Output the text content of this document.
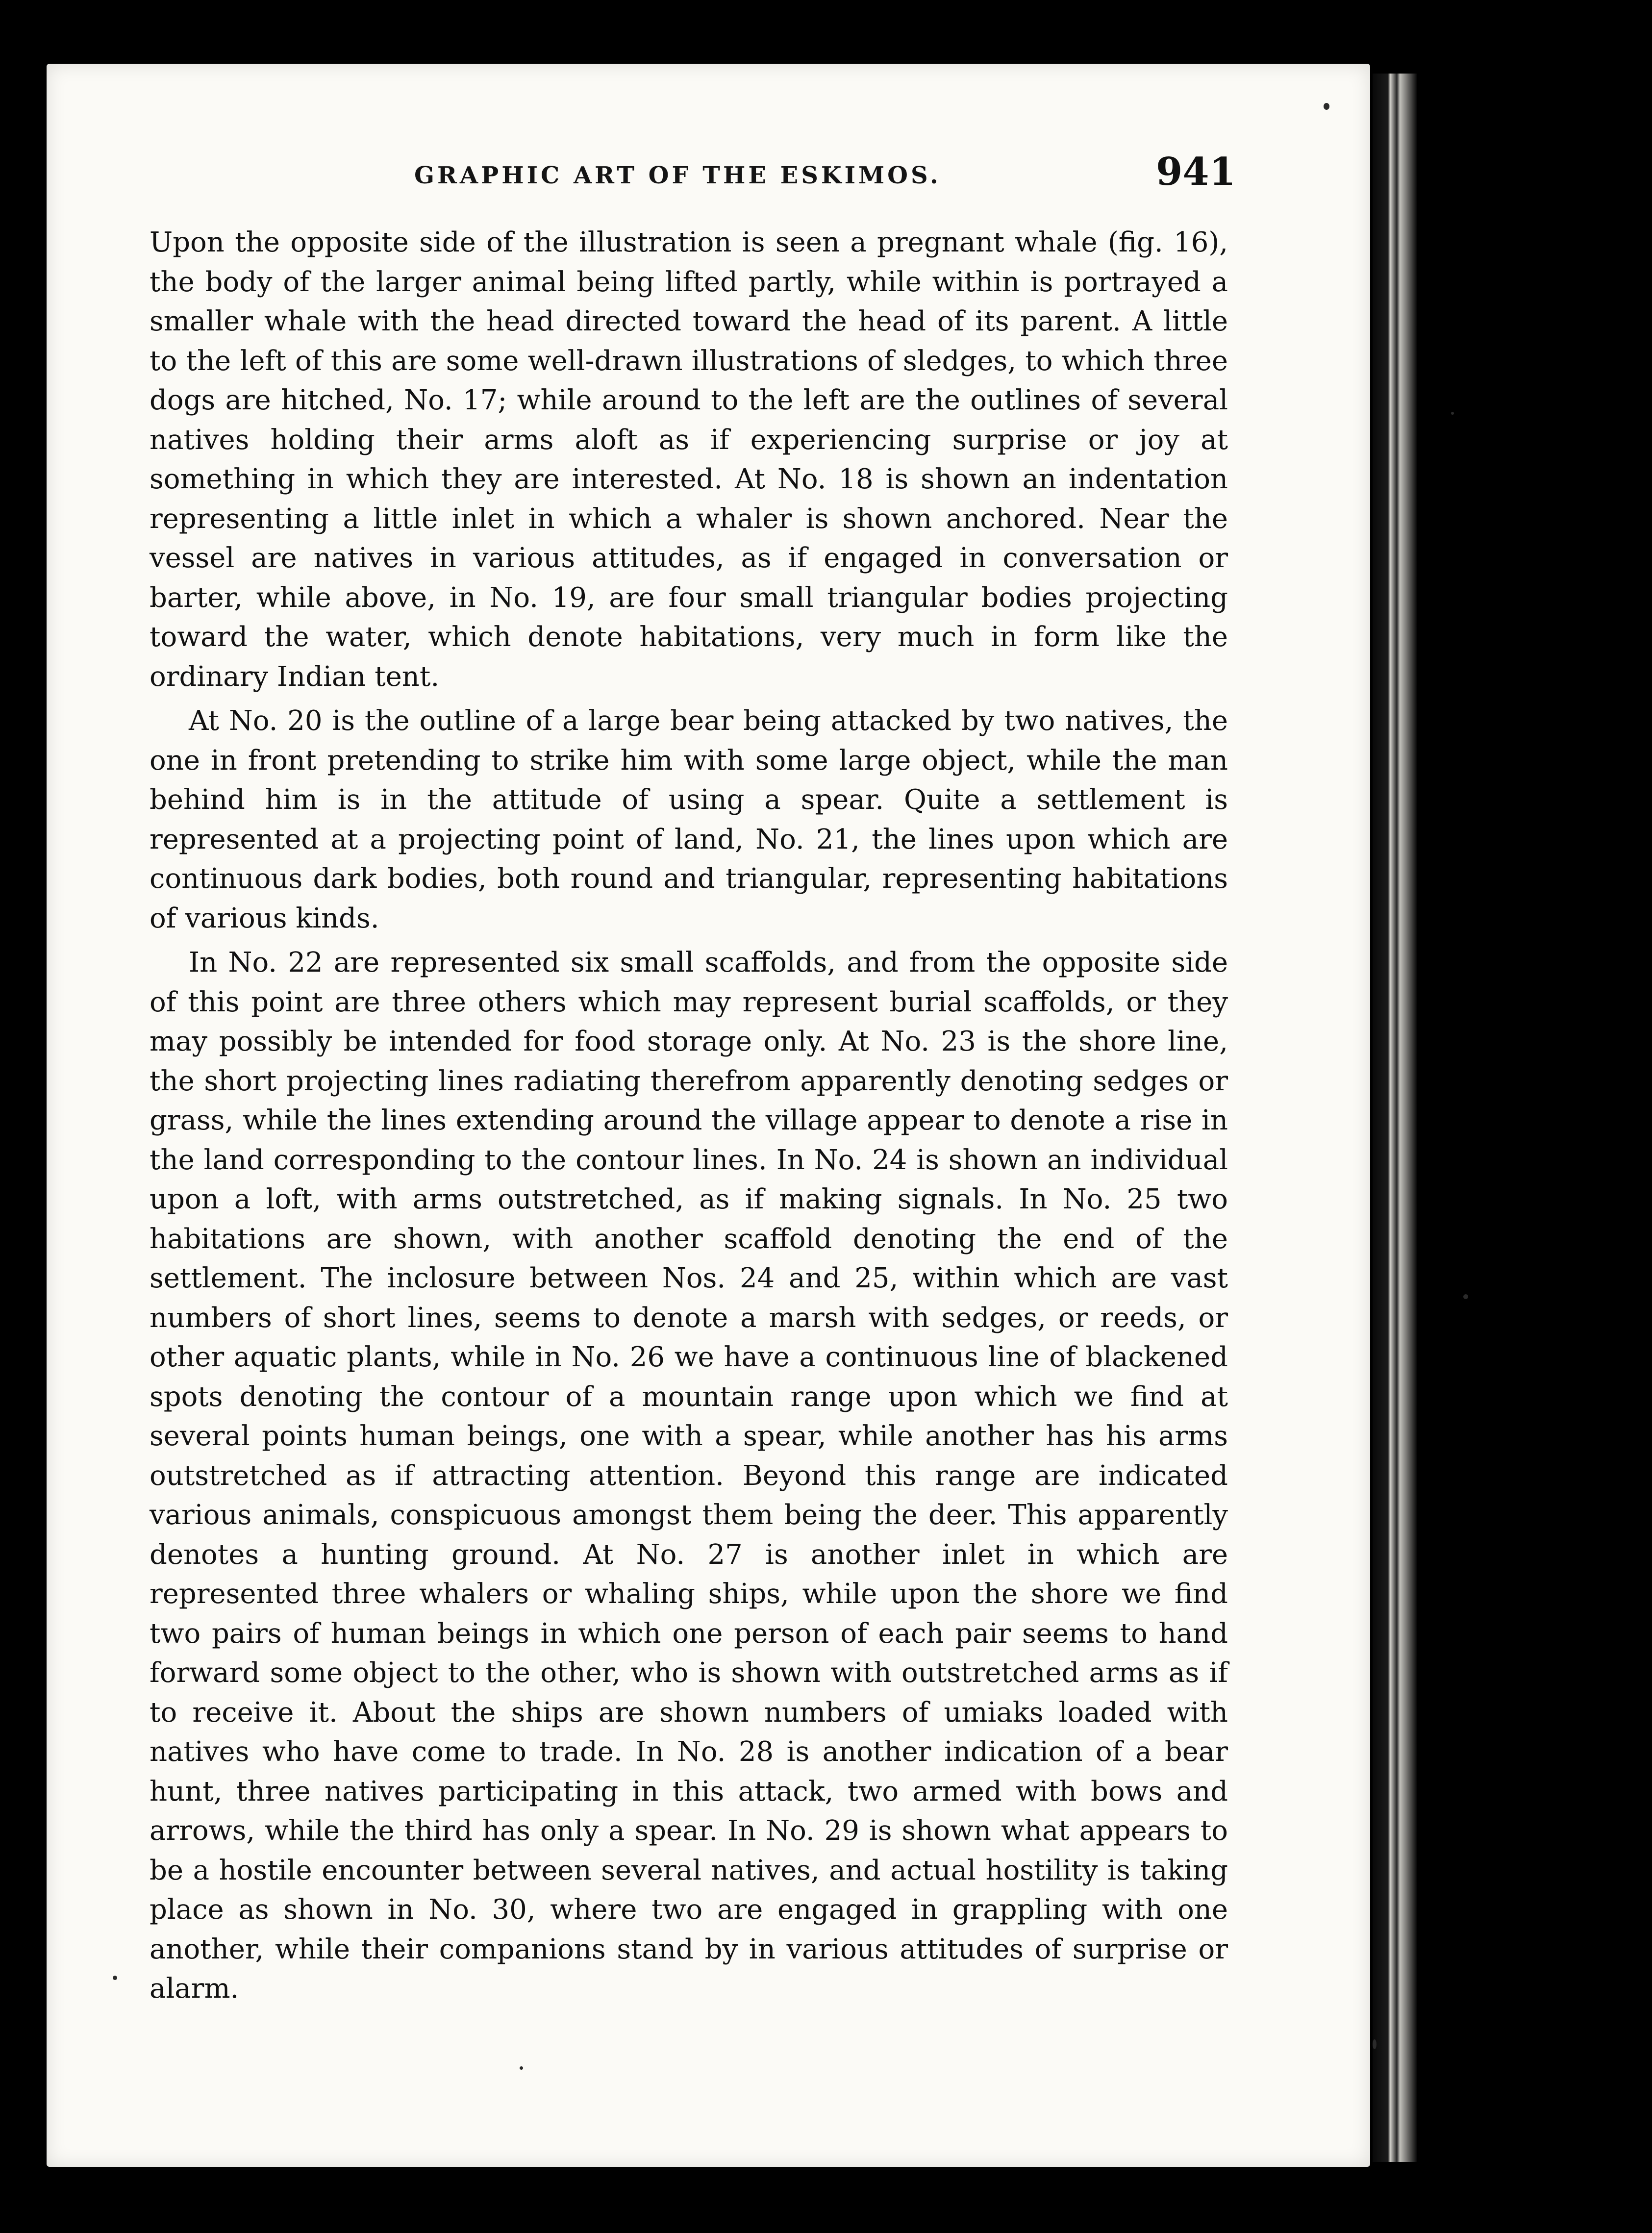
GRAPHIC ART OF THE ESKIMOS.	941

Upon the opposite side of the illustration is seen a pregnant whale (fig. 16), the body of the larger animal being lifted partly, while within is portrayed a smaller whale with the head directed toward the head of its parent. A little to the left of this are some well-drawn illustrations of sledges, to which three dogs are hitched, No. 17; while around to the left are the outlines of several natives holding their arms aloft as if experiencing surprise or joy at something in which they are interested. At No. 18 is shown an indentation representing a little inlet in which a whaler is shown anchored. Near the vessel are natives in various attitudes, as if engaged in conversation or barter, while above, in No. 19, are four small triangular bodies projecting toward the water, which denote habitations, very much in form like the ordinary Indian tent.

At No. 20 is the outline of a large bear being attacked by two natives, the one in front pretending to strike him with some large object, while the man behind him is in the attitude of using a spear. Quite a settlement is represented at a projecting point of land, No. 21, the lines upon which are continuous dark bodies, both round and triangular, representing habitations of various kinds.

In No. 22 are represented six small scaffolds, and from the opposite side of this point are three others which may represent burial scaffolds, or they may possibly be intended for food storage only. At No. 23 is the shore line, the short projecting lines radiating therefrom apparently denoting sedges or grass, while the lines extending around the village appear to denote a rise in the land corresponding to the contour lines. In No. 24 is shown an individual upon a loft, with arms outstretched, as if making signals. In No. 25 two habitations are shown, with another scaffold denoting the end of the settlement. The inclosure between Nos. 24 and 25, within which are vast numbers of short lines, seems to denote a marsh with sedges, or reeds, or other aquatic plants, while in No. 26 we have a continuous line of blackened spots denoting the contour of a mountain range upon which we find at several points human beings, one with a spear, while another has his arms outstretched as if attracting attention. Beyond this range are indicated various animals, conspicuous amongst them being the deer. This apparently denotes a hunting ground. At No. 27 is another inlet in which are represented three whalers or whaling ships, while upon the shore we find two pairs of human beings in which one person of each pair seems to hand forward some object to the other, who is shown with outstretched arms as if to receive it. About the ships are shown numbers of umiaks loaded with natives who have come to trade. In No. 28 is another indication of a bear hunt, three natives participating in this attack, two armed with bows and arrows, while the third has only a spear. In No. 29 is shown what appears to be a hostile encounter between several natives, and actual hostility is taking place as shown in No. 30, where two are engaged in grappling with one another, while their companions stand by in various attitudes of surprise or alarm.
